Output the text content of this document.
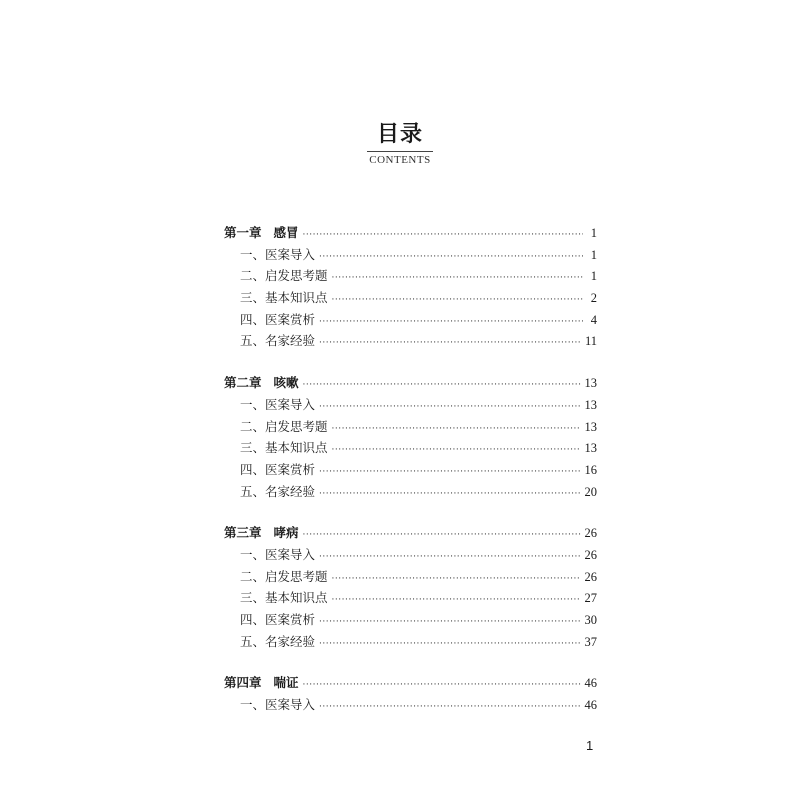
目录
CONTENTS
第一章 感冒 ·····	1
一、医案导入 ·····	1
二、启发思考题 ·····	1
三、基本知识点 ·····	2
四、医案赏析 ·····	4
五、名家经验 ·····	11
第二章 咳嗽 ·····	13
一、医案导入 ·····	13
二、启发思考题 ·····	13
三、基本知识点 ·····	13
四、医案赏析 ·····	16
五、名家经验 ·····	20
第三章 哮病 ·····	26
一、医案导入 ·····	26
二、启发思考题 ·····	26
三、基本知识点 ·····	27
四、医案赏析 ·····	30
五、名家经验 ·····	37
第四章 喘证 ·····	46
一、医案导入 ·····	46
1
